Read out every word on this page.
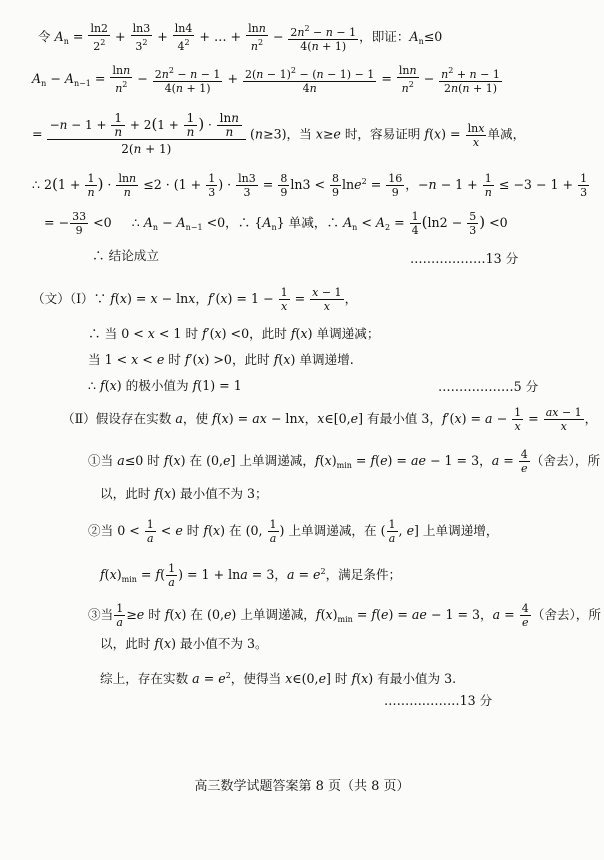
令 $A_n = \frac{\ln 2}{2^2} + \frac{\ln 3}{3^2} + \frac{\ln 4}{4^2}$ + … + $\frac{\ln n}{n^2} - \frac{2n^2 - n - 1}{4(n + 1)}$ ，即证：$A_n\le 0$
$A_n - A_{n-1} = \frac{\ln n}{n^2} - \frac{2n^2 - n - 1}{4(n + 1)} + \frac{2(n - 1)^2 - (n - 1) - 1}{4n} = \frac{\ln n}{n^2} - \frac{n^2 + n - 1}{2n(n + 1)}$
= $\frac{-n - 1 + \frac{1}{n} + 2(1 + \frac{1}{n} ) \cdot \frac{\ln n}{n}}{2(n + 1)} (n\ge 3)$，当 x≥e 时，容易证明 $f(x) = \frac{\ln x}{x}$ 单减，
∴ $2(1 + \frac{1}{n}$ ) · $\frac{\ln n}{n} \le 2 \cdot (1 + \frac{1}{3}$ ) · $\frac{\ln 3}{3} = \frac{8}{9} \ln 3 < \frac{8}{9} \ln e^2 = \frac{16}{9}$ ，$-n - 1 + \frac{1}{n} \le -3 - 1 + \frac{1}{3}$
= − $\frac{33}{9} <0$     ∴ $A_n - A_{n-1} <0$，∴ $\{A_n\}$ 单减，∴ $A_n < A_2 = \frac{1}{4} (\ln 2 - \frac{5}{3}$ ) <0
∴ 结论成立	………………13 分
（文）（Ⅰ）∵ f(x) = x − lnx，$f'(x) = 1 - \frac{1}{x} = \frac{x - 1}{x}$ ，
∴ 当 0 < x < 1 时 f′(x) <0，此时 f(x) 单调递减；
当 1 < x < e 时 f′(x) >0，此时 f(x) 单调递增.
∴ f(x) 的极小值为 f(1) = 1	………………5 分
（Ⅱ）假设存在实数 a，使 f(x) = ax − lnx，x∈[0,e] 有最小值 3，$f'(x) = a - \frac{1}{x} = \frac{ax - 1}{x}$ ，
①当 a≤0 时 f(x) 在 (0,e] 上单调递减，$f(x)_{min} = f(e)$ = ae − 1 = 3，$a = \frac{4}{e}$ （舍去），所
以，此时 f(x) 最小值不为 3；
②当 $0 < \frac{1}{a} < e$ 时 f(x) 在 (0, $\frac{1}{a}$ ) 上单调递减，在 ( $\frac{1}{a}$ , e] 上单调递增，
$f(x)_{min} = f( \frac{1}{a}$ ) = 1 + lna = 3，$a = e^2$，满足条件；
③当 $\frac{1}{a} \ge e$ 时 f(x) 在 (0,e) 上单调递减，$f(x)_{min} = f(e)$ = ae − 1 = 3，$a = \frac{4}{e}$ （舍去），所
以，此时 f(x) 最小值不为 3。
综上，存在实数 $a = e^2$，使得当 x∈(0,e] 时 f(x) 有最小值为 3.
………………13 分
高三数学试题答案第 8 页（共 8 页）
